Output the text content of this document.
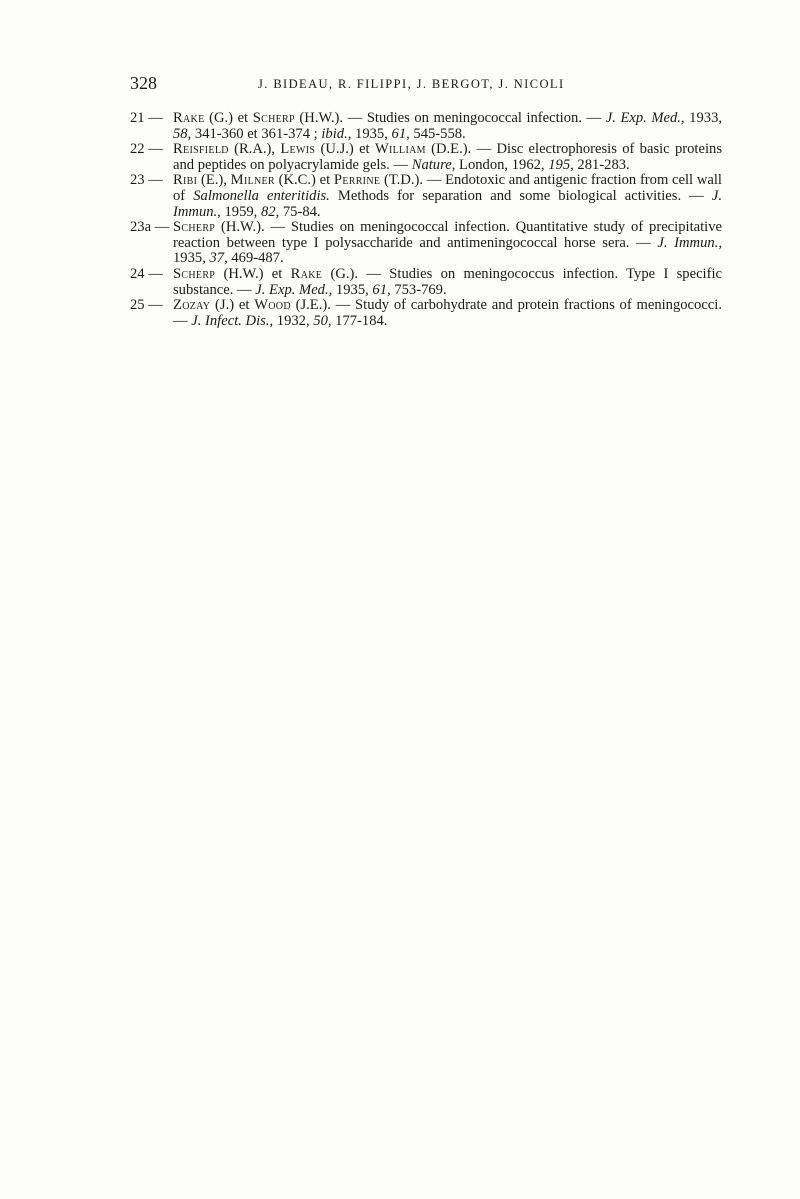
328	J. BIDEAU, R. FILIPPI, J. BERGOT, J. NICOLI

21 — Rake (G.) et Scherp (H.W.). — Studies on meningococcal infection. — J. Exp. Med., 1933, 58, 341-360 et 361-374 ; ibid., 1935, 61, 545-558.

22 — Reisfield (R.A.), Lewis (U.J.) et William (D.E.). — Disc electrophoresis of basic proteins and peptides on polyacrylamide gels. — Nature, London, 1962, 195, 281-283.

23 — Ribi (E.), Milner (K.C.) et Perrine (T.D.). — Endotoxic and antigenic fraction from cell wall of Salmonella enteritidis. Methods for separation and some biological activities. — J. Immun., 1959, 82, 75-84.

23a — Scherp (H.W.). — Studies on meningococcal infection. Quantitative study of precipitative reaction between type I polysaccharide and antimeningococcal horse sera. — J. Immun., 1935, 37, 469-487.

24 — Scherp (H.W.) et Rake (G.). — Studies on meningococcus infection. Type I specific substance. — J. Exp. Med., 1935, 61, 753-769.

25 — Zozay (J.) et Wood (J.E.). — Study of carbohydrate and protein fractions of meningococci. — J. Infect. Dis., 1932, 50, 177-184.
